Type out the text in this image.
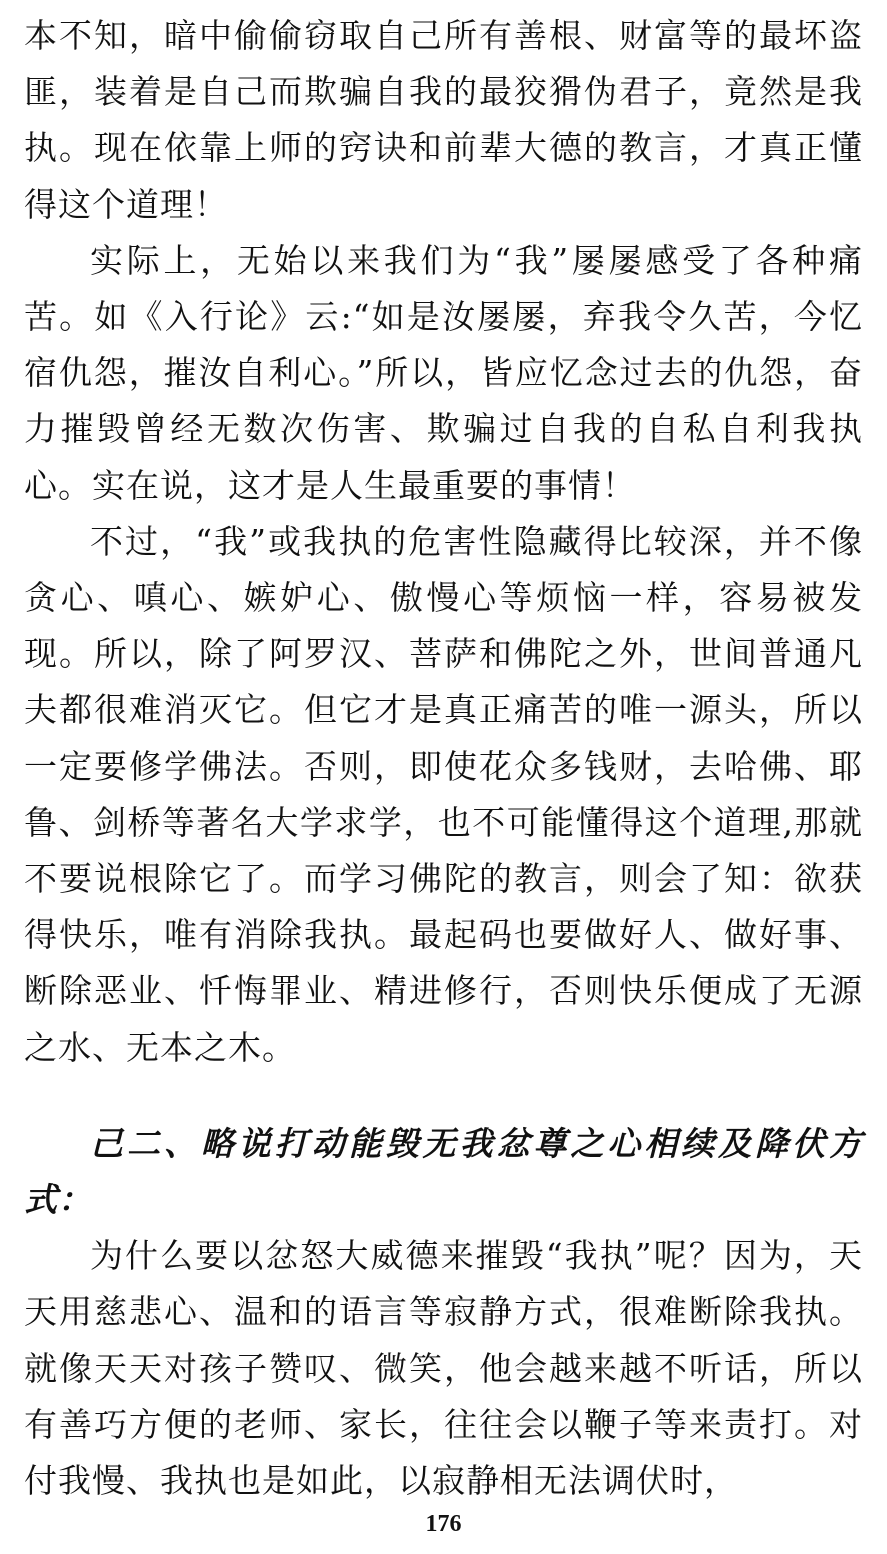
本不知，暗中偷偷窃取自己所有善根、财富等的最坏盗匪，装着是自己而欺骗自我的最狡猾伪君子，竟然是我执。现在依靠上师的窍诀和前辈大德的教言，才真正懂得这个道理！

实际上，无始以来我们为“我”屡屡感受了各种痛苦。如《入行论》云:“如是汝屡屡，弃我令久苦，今忆宿仇怨，摧汝自利心。”所以，皆应忆念过去的仇怨，奋力摧毁曾经无数次伤害、欺骗过自我的自私自利我执心。实在说，这才是人生最重要的事情！

不过，“我”或我执的危害性隐藏得比较深，并不像贪心、嗔心、嫉妒心、傲慢心等烦恼一样，容易被发现。所以，除了阿罗汉、菩萨和佛陀之外，世间普通凡夫都很难消灭它。但它才是真正痛苦的唯一源头，所以一定要修学佛法。否则，即使花众多钱财，去哈佛、耶鲁、剑桥等著名大学求学，也不可能懂得这个道理,那就不要说根除它了。而学习佛陀的教言，则会了知：欲获得快乐，唯有消除我执。最起码也要做好人、做好事、断除恶业、忏悔罪业、精进修行，否则快乐便成了无源之水、无本之木。

己二、略说打动能毁无我忿尊之心相续及降伏方式：

为什么要以忿怒大威德来摧毁“我执”呢？因为，天天用慈悲心、温和的语言等寂静方式，很难断除我执。就像天天对孩子赞叹、微笑，他会越来越不听话，所以有善巧方便的老师、家长，往往会以鞭子等来责打。对付我慢、我执也是如此，以寂静相无法调伏时，

176
